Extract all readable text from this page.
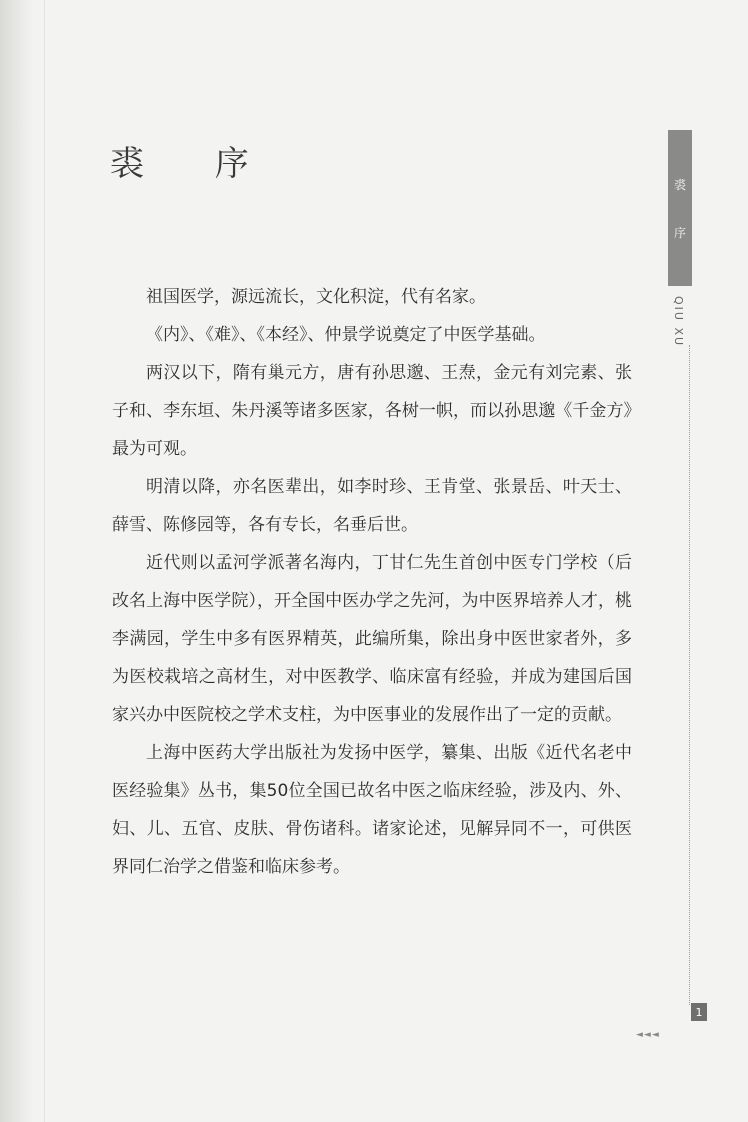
裘 序

祖国医学，源远流长，文化积淀，代有名家。

《内》、《难》、《本经》、仲景学说奠定了中医学基础。

两汉以下，隋有巢元方，唐有孙思邈、王焘，金元有刘完素、张子和、李东垣、朱丹溪等诸多医家，各树一帜，而以孙思邈《千金方》最为可观。

明清以降，亦名医辈出，如李时珍、王肯堂、张景岳、叶天士、薛雪、陈修园等，各有专长，名垂后世。

近代则以孟河学派著名海内，丁甘仁先生首创中医专门学校（后改名上海中医学院），开全国中医办学之先河，为中医界培养人才，桃李满园，学生中多有医界精英，此编所集，除出身中医世家者外，多为医校栽培之高材生，对中医教学、临床富有经验，并成为建国后国家兴办中医院校之学术支柱，为中医事业的发展作出了一定的贡献。

上海中医药大学出版社为发扬中医学，纂集、出版《近代名老中医经验集》丛书，集50位全国已故名中医之临床经验，涉及内、外、妇、儿、五官、皮肤、骨伤诸科。诸家论述，见解异同不一，可供医界同仁治学之借鉴和临床参考。

裘
序
QIU XU
1
◄◄◄
